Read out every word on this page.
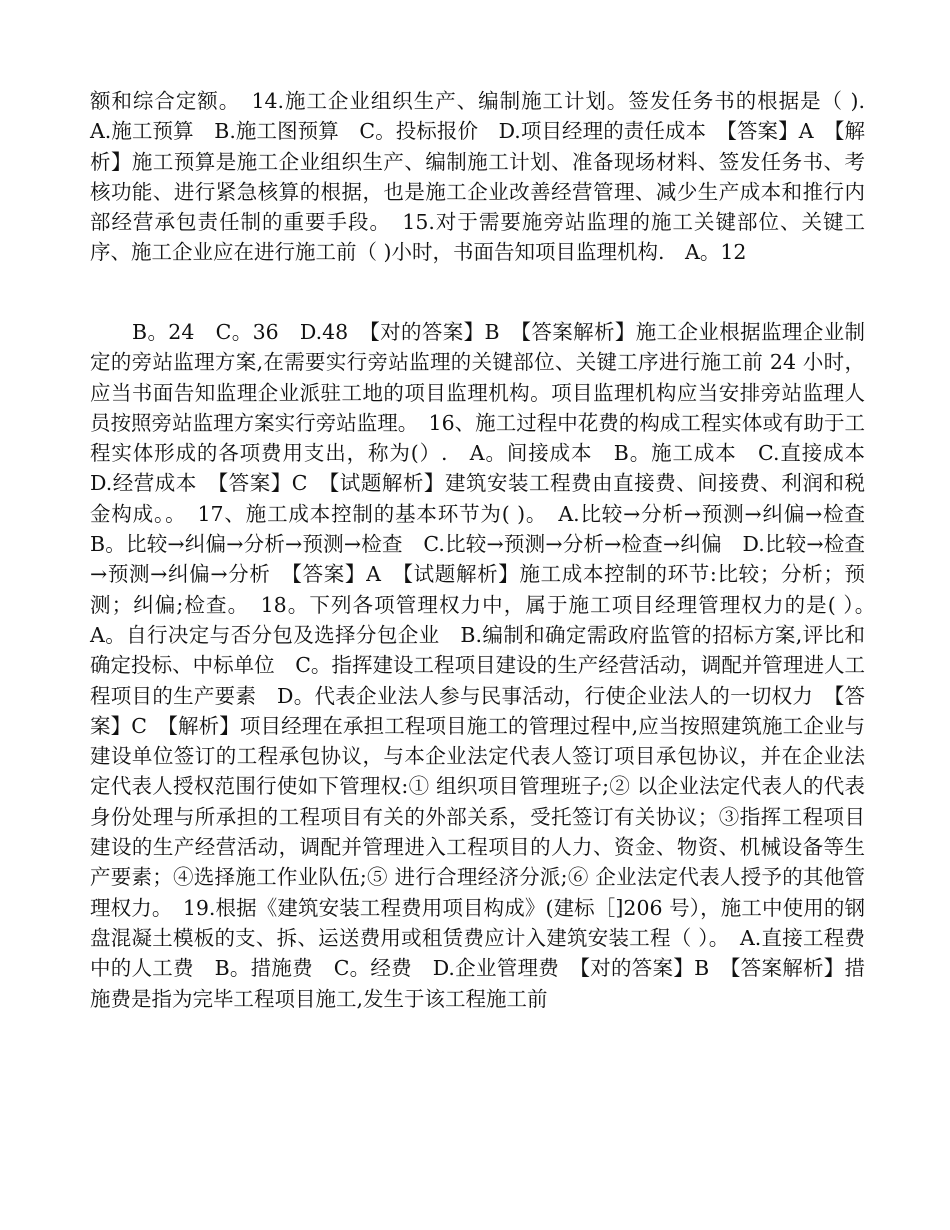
额和综合定额。　14.施工企业组织生产、编制施工计划。签发任务书的根据是（ ).　A.施工预算　B.施工图预算　C。投标报价　D.项目经理的责任成本　【答案】A　【解析】施工预算是施工企业组织生产、编制施工计划、准备现场材料、签发任务书、考核功能、进行紧急核算的根据，也是施工企业改善经营管理、减少生产成本和推行内部经营承包责任制的重要手段。　15.对于需要施旁站监理的施工关键部位、关键工序、施工企业应在进行施工前（ )小时，书面告知项目监理机构.　A。12

B。24　C。36　D.48　【对的答案】B　【答案解析】施工企业根据监理企业制定的旁站监理方案,在需要实行旁站监理的关键部位、关键工序进行施工前 24 小时，应当书面告知监理企业派驻工地的项目监理机构。项目监理机构应当安排旁站监理人员按照旁站监理方案实行旁站监理。　16、施工过程中花费的构成工程实体或有助于工程实体形成的各项费用支出，称为(）.　A。间接成本　B。施工成本　C.直接成本　D.经营成本　【答案】C　【试题解析】建筑安装工程费由直接费、间接费、利润和税金构成。。　17、施工成本控制的基本环节为( )。　A.比较→分析→预测→纠偏→检查　B。比较→纠偏→分析→预测→检查　C.比较→预测→分析→检查→纠偏　D.比较→检查→预测→纠偏→分析　【答案】A　【试题解析】施工成本控制的环节:比较；分析；预测；纠偏;检查。　18。下列各项管理权力中，属于施工项目经理管理权力的是( ）。　A。自行决定与否分包及选择分包企业　B.编制和确定需政府监管的招标方案,评比和确定投标、中标单位　C。指挥建设工程项目建设的生产经营活动，调配并管理进人工程项目的生产要素　D。代表企业法人参与民事活动，行使企业法人的一切权力　【答案】C　【解析】项目经理在承担工程项目施工的管理过程中,应当按照建筑施工企业与建设单位签订的工程承包协议，与本企业法定代表人签订项目承包协议，并在企业法定代表人授权范围行使如下管理权:① 组织项目管理班子;② 以企业法定代表人的代表身份处理与所承担的工程项目有关的外部关系，受托签订有关协议；③指挥工程项目建设的生产经营活动，调配并管理进入工程项目的人力、资金、物资、机械设备等生产要素；④选择施工作业队伍;⑤ 进行合理经济分派;⑥ 企业法定代表人授予的其他管理权力。　19.根据《建筑安装工程费用项目构成》(建标［]206 号），施工中使用的钢盘混凝土模板的支、拆、运送费用或租赁费应计入建筑安装工程（ ）。　A.直接工程费中的人工费　B。措施费　C。经费　D.企业管理费　【对的答案】B　【答案解析】措施费是指为完毕工程项目施工,发生于该工程施工前
